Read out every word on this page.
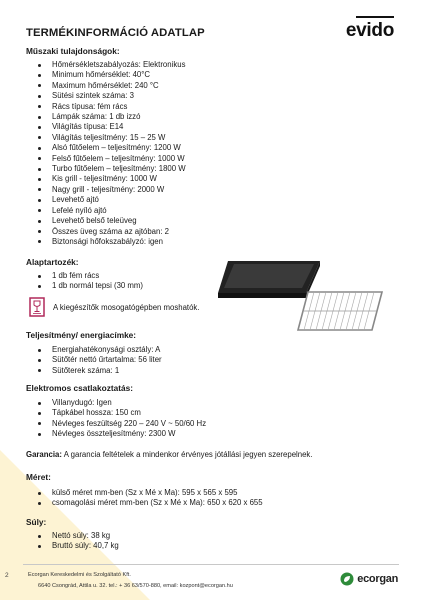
TERMÉKINFORMÁCIÓ ADATLAP	evido
Műszaki tulajdonságok:
Hőmérsékletszabályozás: Elektronikus
Minimum hőmérséklet: 40°C
Maximum hőmérséklet: 240 °C
Sütési szintek száma: 3
Rács típusa: fém rács
Lámpák száma: 1 db izzó
Világítás típusa: E14
Világítás teljesítmény: 15 – 25 W
Alsó fűtőelem – teljesítmény: 1200 W
Felső fűtőelem – teljesítmény: 1000 W
Turbo fűtőelem – teljesítmény: 1800 W
Kis grill - teljesítmény: 1000 W
Nagy grill - teljesítmény: 2000 W
Levehető ajtó
Lefelé nyíló ajtó
Levehető belső teleüveg
Összes üveg száma az ajtóban: 2
Biztonsági hőfokszabályzó: igen
Alaptartozék:
1 db fém rács
1 db normál tepsi (30 mm)
A kiegészítők mosogatógépben moshatók.
Teljesítmény/ energiacímke:
Energiahatékonysági osztály: A
Sütőtér nettó űrtartalma: 56 liter
Sütőterek száma: 1
Elektromos csatlakoztatás:
Villanydugó: Igen
Tápkábel hossza: 150 cm
Névleges feszültség 220 – 240 V ~ 50/60 Hz
Névleges összteljesítmény: 2300 W
Garancia: A garancia feltételek a mindenkor érvényes jótállási jegyen szerepelnek.
Méret:
külső méret mm-ben (Sz x Mé x Ma): 595 x 565 x 595
csomagolási méret mm-ben (Sz x Mé x Ma): 650 x 620 x 655
Súly:
Nettó súly: 38 kg
Bruttó súly: 40,7 kg
2	Ecorgan Kereskedelmi és Szolgáltató Kft.
6640 Csongrád, Attila u. 32. tel.: + 36 63/570-880, email: kozpont@ecorgan.hu
ecorgan
